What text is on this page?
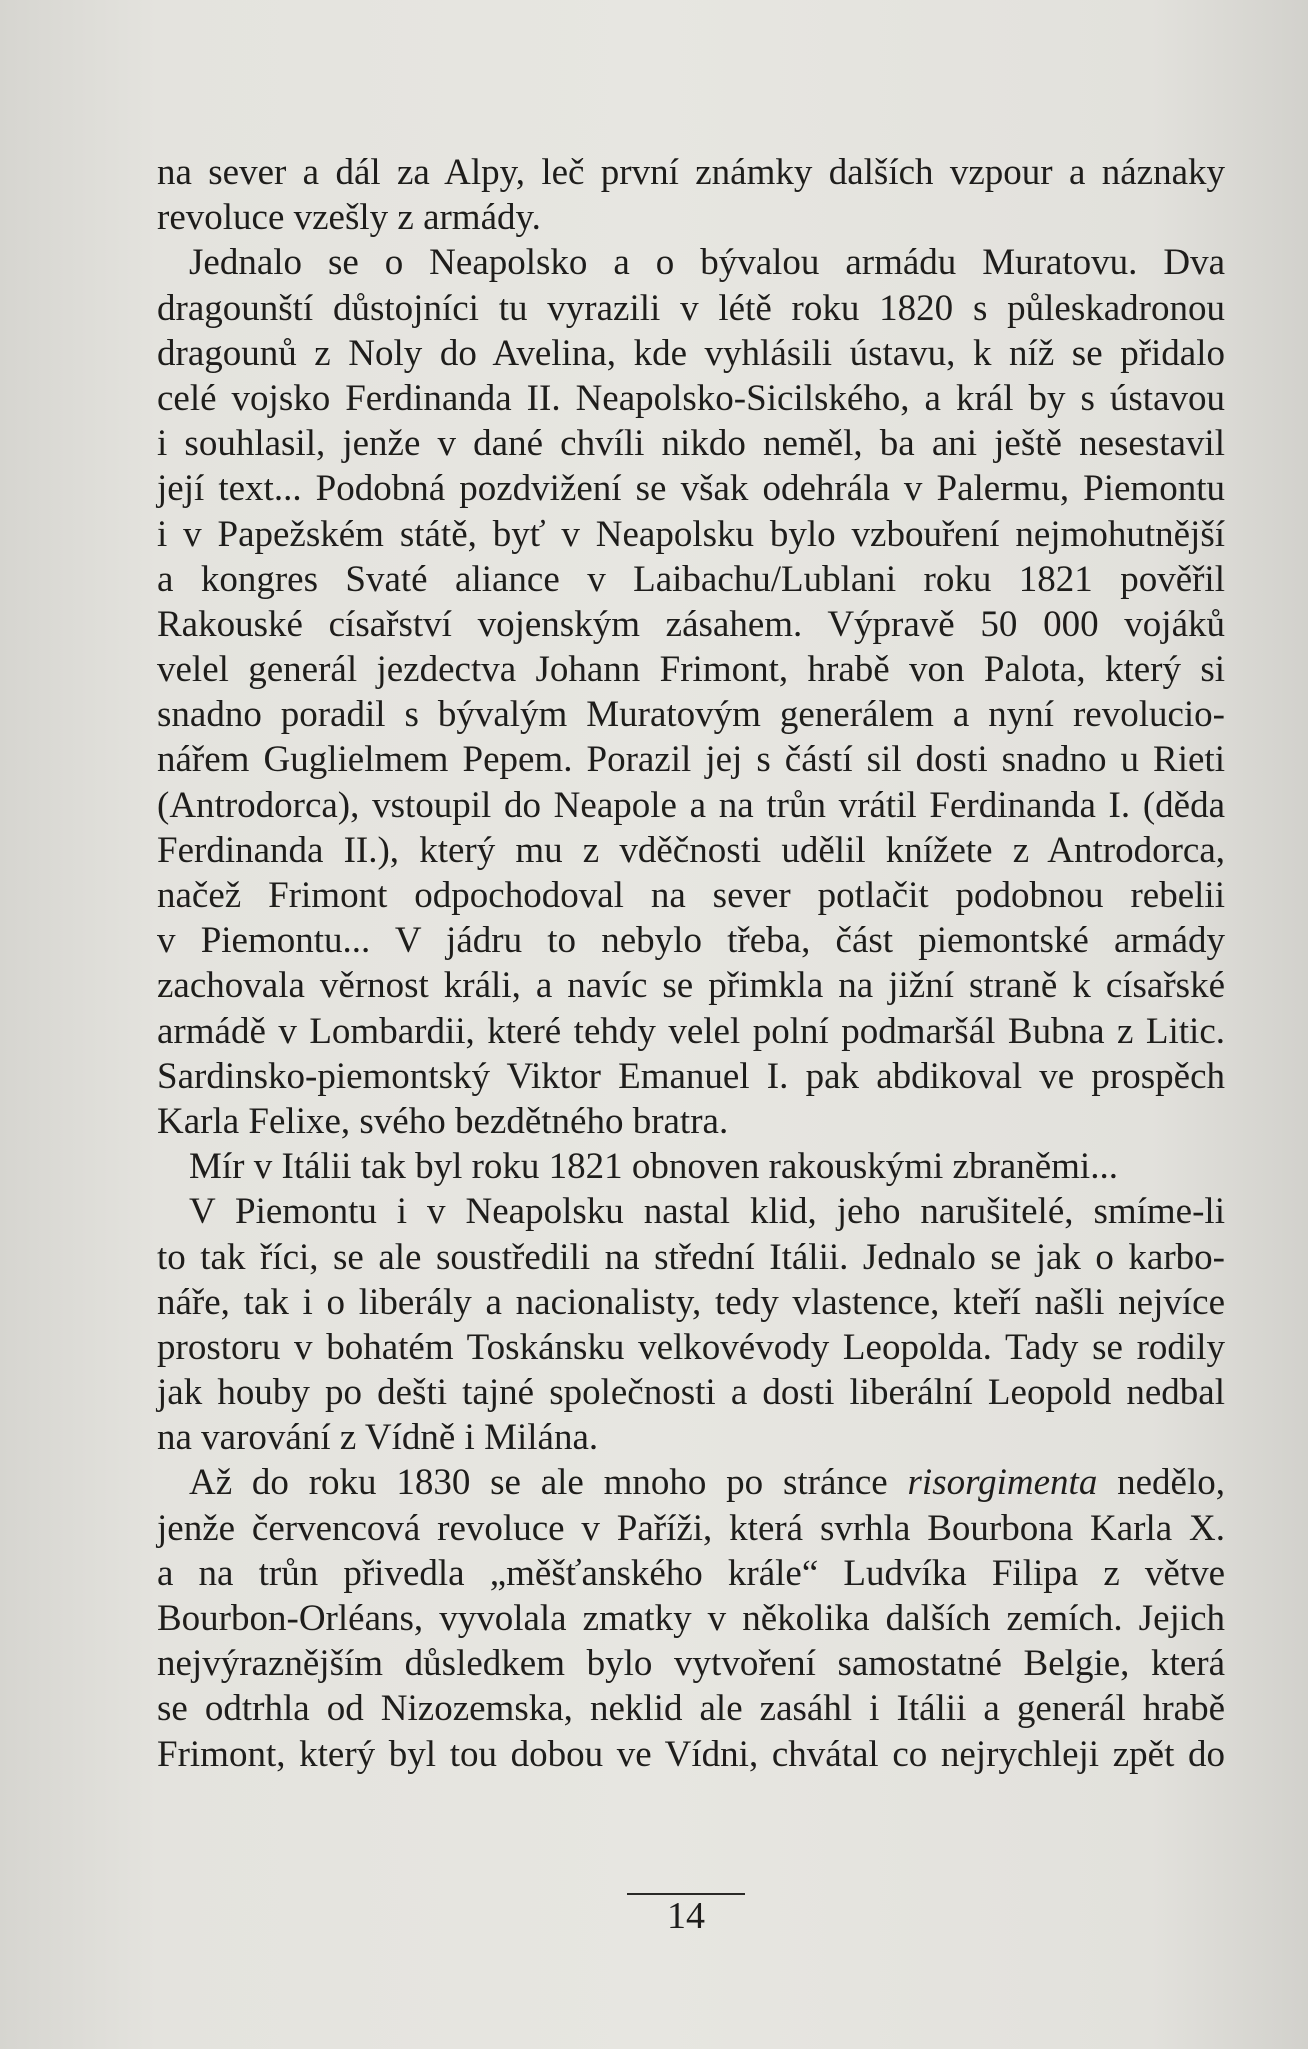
na sever a dál za Alpy, leč první známky dalších vzpour a náznaky
revoluce vzešly z armády.
Jednalo se o Neapolsko a o bývalou armádu Muratovu. Dva
dragounští důstojníci tu vyrazili v létě roku 1820 s půleskadronou
dragounů z Noly do Avelina, kde vyhlásili ústavu, k níž se přidalo
celé vojsko Ferdinanda II. Neapolsko-Sicilského, a král by s ústavou
i souhlasil, jenže v dané chvíli nikdo neměl, ba ani ještě nesestavil
její text... Podobná pozdvižení se však odehrála v Palermu, Piemontu
i v Papežském státě, byť v Neapolsku bylo vzbouření nejmohutnější
a kongres Svaté aliance v Laibachu/Lublani roku 1821 pověřil
Rakouské císařství vojenským zásahem. Výpravě 50 000 vojáků
velel generál jezdectva Johann Frimont, hrabě von Palota, který si
snadno poradil s bývalým Muratovým generálem a nyní revolucio-
nářem Guglielmem Pepem. Porazil jej s částí sil dosti snadno u Rieti
(Antrodorca), vstoupil do Neapole a na trůn vrátil Ferdinanda I. (děda
Ferdinanda II.), který mu z vděčnosti udělil knížete z Antrodorca,
načež Frimont odpochodoval na sever potlačit podobnou rebelii
v Piemontu... V jádru to nebylo třeba, část piemontské armády
zachovala věrnost králi, a navíc se přimkla na jižní straně k císařské
armádě v Lombardii, které tehdy velel polní podmaršál Bubna z Litic.
Sardinsko-piemontský Viktor Emanuel I. pak abdikoval ve prospěch
Karla Felixe, svého bezdětného bratra.
Mír v Itálii tak byl roku 1821 obnoven rakouskými zbraněmi...
V Piemontu i v Neapolsku nastal klid, jeho narušitelé, smíme-li
to tak říci, se ale soustředili na střední Itálii. Jednalo se jak o karbo-
náře, tak i o liberály a nacionalisty, tedy vlastence, kteří našli nejvíce
prostoru v bohatém Toskánsku velkovévody Leopolda. Tady se rodily
jak houby po dešti tajné společnosti a dosti liberální Leopold nedbal
na varování z Vídně i Milána.
Až do roku 1830 se ale mnoho po stránce risorgimenta nedělo,
jenže červencová revoluce v Paříži, která svrhla Bourbona Karla X.
a na trůn přivedla „měšťanského krále“ Ludvíka Filipa z větve
Bourbon-Orléans, vyvolala zmatky v několika dalších zemích. Jejich
nejvýraznějším důsledkem bylo vytvoření samostatné Belgie, která
se odtrhla od Nizozemska, neklid ale zasáhl i Itálii a generál hrabě
Frimont, který byl tou dobou ve Vídni, chvátal co nejrychleji zpět do
14
